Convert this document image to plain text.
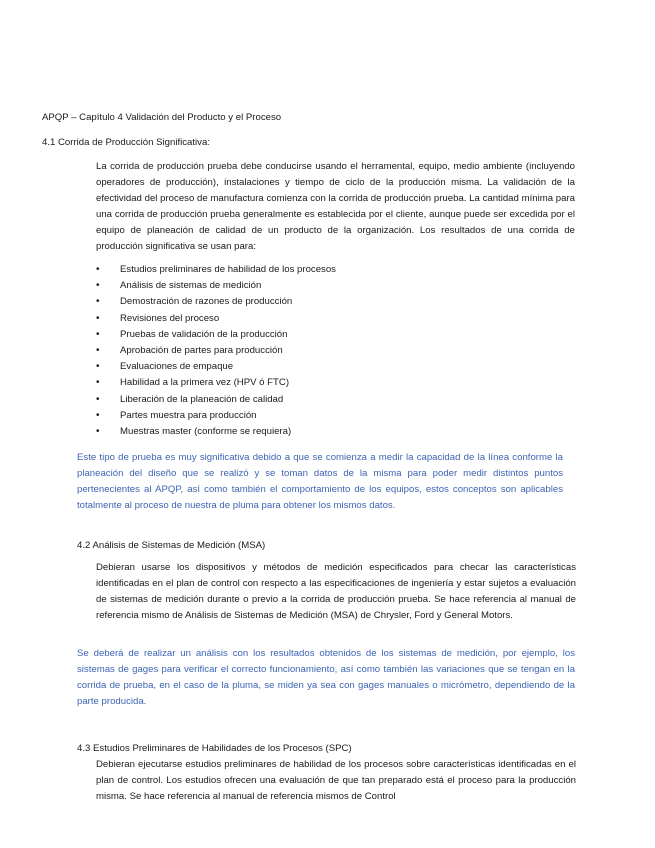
APQP – Capítulo 4 Validación del Producto y el Proceso
4.1 Corrida de Producción Significativa:
La corrida de producción prueba debe conducirse usando el herramental, equipo, medio ambiente (incluyendo operadores de producción), instalaciones y tiempo de ciclo de la producción misma. La validación de la efectividad del proceso de manufactura comienza con la corrida de producción prueba. La cantidad mínima para una corrida de producción prueba generalmente es establecida por el cliente, aunque puede ser excedida por el equipo de planeación de calidad de un producto de la organización. Los resultados de una corrida de producción significativa se usan para:
• Estudios preliminares de habilidad de los procesos
• Análisis de sistemas de medición
• Demostración de razones de producción
• Revisiones del proceso
• Pruebas de validación de la producción
• Aprobación de partes para producción
• Evaluaciones de empaque
• Habilidad a la primera vez (HPV ó FTC)
• Liberación de la planeación de calidad
• Partes muestra para producción
• Muestras master (conforme se requiera)
Este tipo de prueba es muy significativa debido a que se comienza a medir la capacidad de la línea conforme la planeación del diseño que se realizó y se toman datos de la misma para poder medir distintos puntos pertenecientes al APQP, así como también el comportamiento de los equipos, estos conceptos son aplicables totalmente al proceso de nuestra de pluma para obtener los mismos datos.
4.2 Análisis de Sistemas de Medición (MSA)
Debieran usarse los dispositivos y métodos de medición especificados para checar las características identificadas en el plan de control con respecto a las especificaciones de ingeniería y estar sujetos a evaluación de sistemas de medición durante o previo a la corrida de producción prueba. Se hace referencia al manual de referencia mismo de Análisis de Sistemas de Medición (MSA) de Chrysler, Ford y General Motors.
Se deberá de realizar un análisis con los resultados obtenidos de los sistemas de medición, por ejemplo, los sistemas de gages para verificar el correcto funcionamiento, así como también las variaciones que se tengan en la corrida de prueba, en el caso de la pluma, se miden ya sea con gages manuales o micrómetro, dependiendo de la parte producida.
4.3 Estudios Preliminares de Habilidades de los Procesos (SPC)
Debieran ejecutarse estudios preliminares de habilidad de los procesos sobre características identificadas en el plan de control. Los estudios ofrecen una evaluación de que tan preparado está el proceso para la producción misma. Se hace referencia al manual de referencia mismos de Control
